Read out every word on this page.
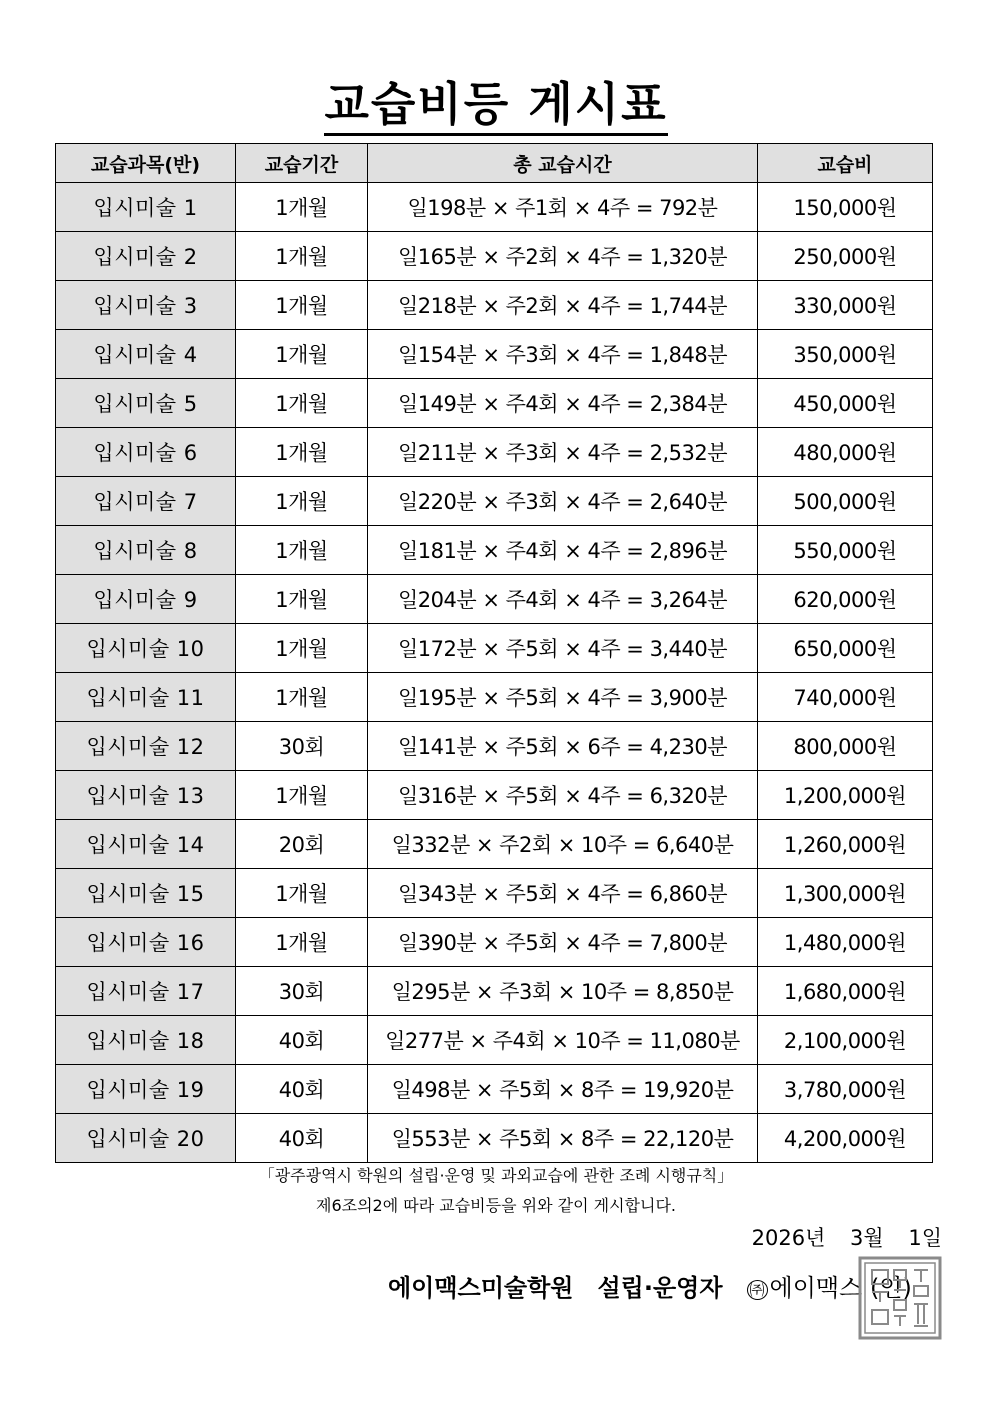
교습비등 게시표
교습과목(반)	교습기간	총 교습시간	교습비
입시미술 1	1개월	일198분 × 주1회 × 4주 = 792분	150,000원
입시미술 2	1개월	일165분 × 주2회 × 4주 = 1,320분	250,000원
입시미술 3	1개월	일218분 × 주2회 × 4주 = 1,744분	330,000원
입시미술 4	1개월	일154분 × 주3회 × 4주 = 1,848분	350,000원
입시미술 5	1개월	일149분 × 주4회 × 4주 = 2,384분	450,000원
입시미술 6	1개월	일211분 × 주3회 × 4주 = 2,532분	480,000원
입시미술 7	1개월	일220분 × 주3회 × 4주 = 2,640분	500,000원
입시미술 8	1개월	일181분 × 주4회 × 4주 = 2,896분	550,000원
입시미술 9	1개월	일204분 × 주4회 × 4주 = 3,264분	620,000원
입시미술 10	1개월	일172분 × 주5회 × 4주 = 3,440분	650,000원
입시미술 11	1개월	일195분 × 주5회 × 4주 = 3,900분	740,000원
입시미술 12	30회	일141분 × 주5회 × 6주 = 4,230분	800,000원
입시미술 13	1개월	일316분 × 주5회 × 4주 = 6,320분	1,200,000원
입시미술 14	20회	일332분 × 주2회 × 10주 = 6,640분	1,260,000원
입시미술 15	1개월	일343분 × 주5회 × 4주 = 6,860분	1,300,000원
입시미술 16	1개월	일390분 × 주5회 × 4주 = 7,800분	1,480,000원
입시미술 17	30회	일295분 × 주3회 × 10주 = 8,850분	1,680,000원
입시미술 18	40회	일277분 × 주4회 × 10주 = 11,080분	2,100,000원
입시미술 19	40회	일498분 × 주5회 × 8주 = 19,920분	3,780,000원
입시미술 20	40회	일553분 × 주5회 × 8주 = 22,120분	4,200,000원
「광주광역시 학원의 설립·운영 및 과외교습에 관한 조례 시행규칙」
제6조의2에 따라 교습비등을 위와 같이 게시합니다.
2026년 3월 1일
에이맥스미술학원 설립·운영자 ㈜ 에이맥스 (인)
